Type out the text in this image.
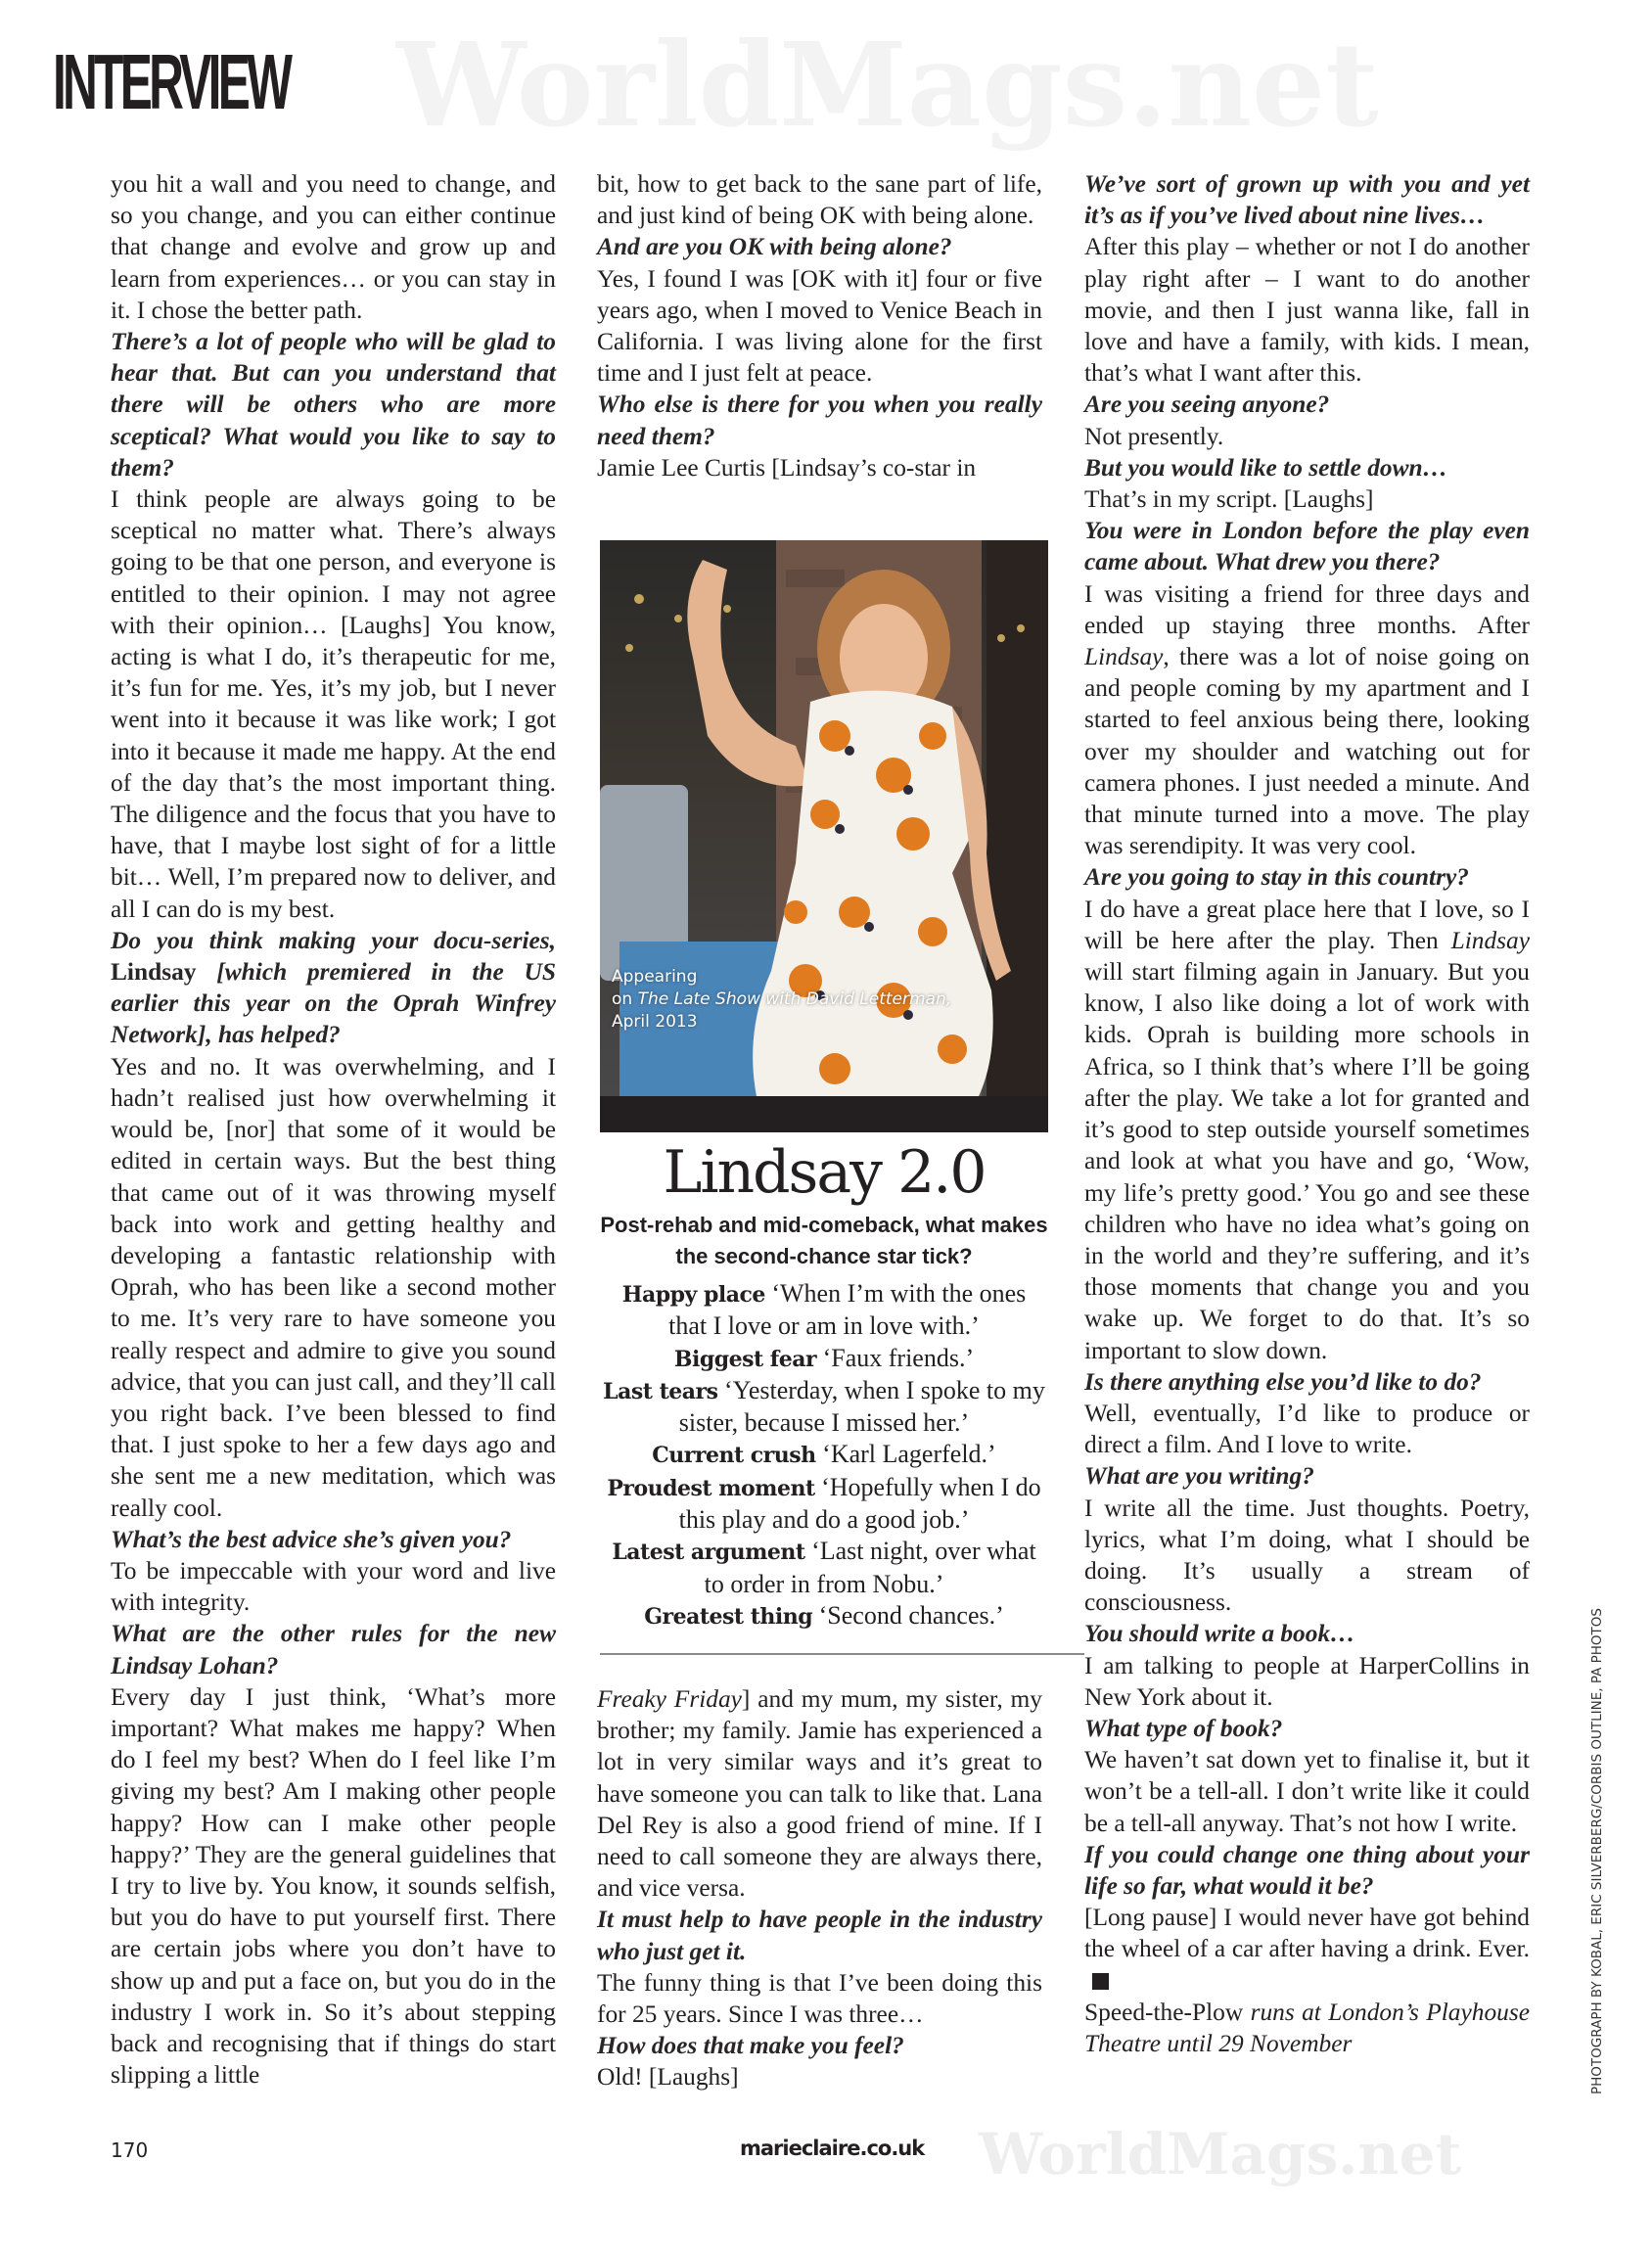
WorldMags.net
INTERVIEW

you hit a wall and you need to change, and so you change, and you can either continue that change and evolve and grow up and learn from experiences… or you can stay in it. I chose the better path.

There’s a lot of people who will be glad to hear that. But can you understand that there will be others who are more sceptical? What would you like to say to them?

I think people are always going to be sceptical no matter what. There’s always going to be that one person, and everyone is entitled to their opinion. I may not agree with their opinion… [Laughs] You know, acting is what I do, it’s therapeutic for me, it’s fun for me. Yes, it’s my job, but I never went into it because it was like work; I got into it because it made me happy. At the end of the day that’s the most important thing. The diligence and the focus that you have to have, that I maybe lost sight of for a little bit… Well, I’m prepared now to deliver, and all I can do is my best.

Do you think making your docu-series, Lindsay [which premiered in the US earlier this year on the Oprah Winfrey Network], has helped?

Yes and no. It was overwhelming, and I hadn’t realised just how overwhelming it would be, [nor] that some of it would be edited in certain ways. But the best thing that came out of it was throwing myself back into work and getting healthy and developing a fantastic relationship with Oprah, who has been like a second mother to me. It’s very rare to have someone you really respect and admire to give you sound advice, that you can just call, and they’ll call you right back. I’ve been blessed to find that. I just spoke to her a few days ago and she sent me a new meditation, which was really cool.

What’s the best advice she’s given you?

To be impeccable with your word and live with integrity.

What are the other rules for the new Lindsay Lohan?

Every day I just think, ‘What’s more important? What makes me happy? When do I feel my best? When do I feel like I’m giving my best? Am I making other people happy? How can I make other people happy?’ They are the general guidelines that I try to live by. You know, it sounds selfish, but you do have to put yourself first. There are certain jobs where you don’t have to show up and put a face on, but you do in the industry I work in. So it’s about stepping back and recognising that if things do start slipping a little

bit, how to get back to the sane part of life, and just kind of being OK with being alone.

And are you OK with being alone?

Yes, I found I was [OK with it] four or five years ago, when I moved to Venice Beach in California. I was living alone for the first time and I just felt at peace.

Who else is there for you when you really need them?

Jamie Lee Curtis [Lindsay’s co-star in

Appearing
on The Late Show with David Letterman,
April 2013
Lindsay 2.0
Post-rehab and mid-comeback, what makes the second-chance star tick?
Happy place ‘When I’m with the ones that I love or am in love with.’
Biggest fear ‘Faux friends.’
Last tears ‘Yesterday, when I spoke to my sister, because I missed her.’
Current crush ‘Karl Lagerfeld.’
Proudest moment ‘Hopefully when I do this play and do a good job.’
Latest argument ‘Last night, over what to order in from Nobu.’
Greatest thing ‘Second chances.’

Freaky Friday] and my mum, my sister, my brother; my family. Jamie has experienced a lot in very similar ways and it’s great to have someone you can talk to like that. Lana Del Rey is also a good friend of mine. If I need to call someone they are always there, and vice versa.

It must help to have people in the industry who just get it.

The funny thing is that I’ve been doing this for 25 years. Since I was three…

How does that make you feel?

Old! [Laughs]

We’ve sort of grown up with you and yet it’s as if you’ve lived about nine lives…

After this play – whether or not I do another play right after – I want to do another movie, and then I just wanna like, fall in love and have a family, with kids. I mean, that’s what I want after this.

Are you seeing anyone?

Not presently.

But you would like to settle down…

That’s in my script. [Laughs]

You were in London before the play even came about. What drew you there?

I was visiting a friend for three days and ended up staying three months. After Lindsay, there was a lot of noise going on and people coming by my apartment and I started to feel anxious being there, looking over my shoulder and watching out for camera phones. I just needed a minute. And that minute turned into a move. The play was serendipity. It was very cool.

Are you going to stay in this country?

I do have a great place here that I love, so I will be here after the play. Then Lindsay will start filming again in January. But you know, I also like doing a lot of work with kids. Oprah is building more schools in Africa, so I think that’s where I’ll be going after the play. We take a lot for granted and it’s good to step outside yourself sometimes and look at what you have and go, ‘Wow, my life’s pretty good.’ You go and see these children who have no idea what’s going on in the world and they’re suffering, and it’s those moments that change you and you wake up. We forget to do that. It’s so important to slow down.

Is there anything else you’d like to do?

Well, eventually, I’d like to produce or direct a film. And I love to write.

What are you writing?

I write all the time. Just thoughts. Poetry, lyrics, what I’m doing, what I should be doing. It’s usually a stream of consciousness.

You should write a book…

I am talking to people at HarperCollins in New York about it.

What type of book?

We haven’t sat down yet to finalise it, but it won’t be a tell-all. I don’t write like it could be a tell-all anyway. That’s not how I write.

If you could change one thing about your life so far, what would it be?

[Long pause] I would never have got behind the wheel of a car after having a drink. Ever.

Speed-the-Plow runs at London’s Playhouse Theatre until 29 November

170	marieclaire.co.uk WorldMags.net
PHOTOGRAPH BY KOBAL, ERIC SILVERBERG/CORBIS OUTLINE, PA PHOTOS
